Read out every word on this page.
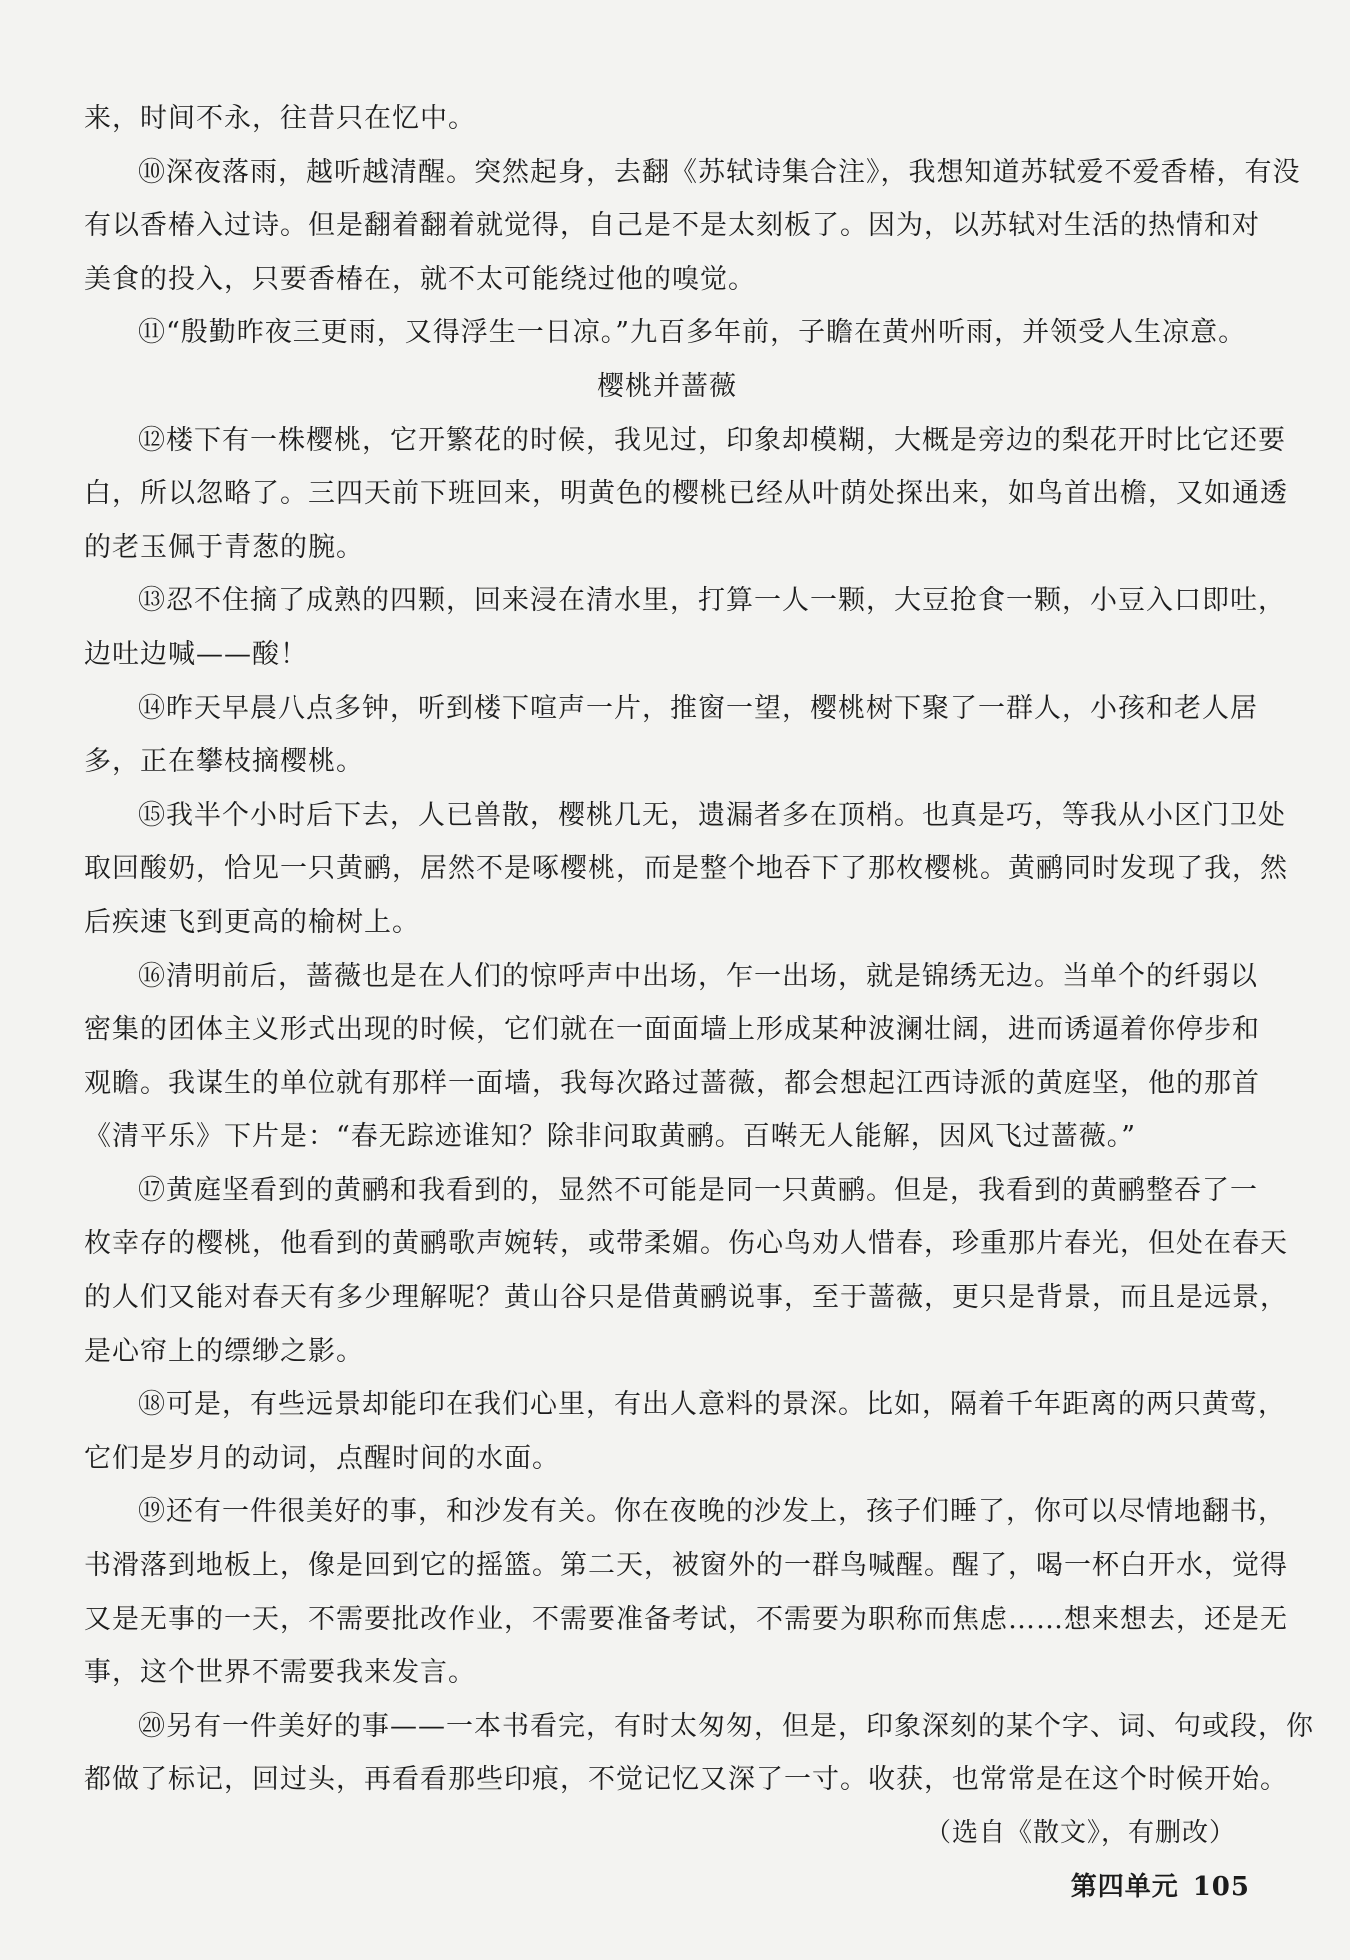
来，时间不永，往昔只在忆中。
⑩深夜落雨，越听越清醒。突然起身，去翻《苏轼诗集合注》，我想知道苏轼爱不爱香椿，有没
有以香椿入过诗。但是翻着翻着就觉得，自己是不是太刻板了。因为，以苏轼对生活的热情和对
美食的投入，只要香椿在，就不太可能绕过他的嗅觉。
⑪“殷勤昨夜三更雨，又得浮生一日凉。”九百多年前，子瞻在黄州听雨，并领受人生凉意。
樱桃并蔷薇
⑫楼下有一株樱桃，它开繁花的时候，我见过，印象却模糊，大概是旁边的梨花开时比它还要
白，所以忽略了。三四天前下班回来，明黄色的樱桃已经从叶荫处探出来，如鸟首出檐，又如通透
的老玉佩于青葱的腕。
⑬忍不住摘了成熟的四颗，回来浸在清水里，打算一人一颗，大豆抢食一颗，小豆入口即吐，
边吐边喊——酸！
⑭昨天早晨八点多钟，听到楼下喧声一片，推窗一望，樱桃树下聚了一群人，小孩和老人居
多，正在攀枝摘樱桃。
⑮我半个小时后下去，人已兽散，樱桃几无，遗漏者多在顶梢。也真是巧，等我从小区门卫处
取回酸奶，恰见一只黄鹂，居然不是啄樱桃，而是整个地吞下了那枚樱桃。黄鹂同时发现了我，然
后疾速飞到更高的榆树上。
⑯清明前后，蔷薇也是在人们的惊呼声中出场，乍一出场，就是锦绣无边。当单个的纤弱以
密集的团体主义形式出现的时候，它们就在一面面墙上形成某种波澜壮阔，进而诱逼着你停步和
观瞻。我谋生的单位就有那样一面墙，我每次路过蔷薇，都会想起江西诗派的黄庭坚，他的那首
《清平乐》下片是：“春无踪迹谁知？除非问取黄鹂。百啭无人能解，因风飞过蔷薇。”
⑰黄庭坚看到的黄鹂和我看到的，显然不可能是同一只黄鹂。但是，我看到的黄鹂整吞了一
枚幸存的樱桃，他看到的黄鹂歌声婉转，或带柔媚。伤心鸟劝人惜春，珍重那片春光，但处在春天
的人们又能对春天有多少理解呢？黄山谷只是借黄鹂说事，至于蔷薇，更只是背景，而且是远景，
是心帘上的缥缈之影。
⑱可是，有些远景却能印在我们心里，有出人意料的景深。比如，隔着千年距离的两只黄莺，
它们是岁月的动词，点醒时间的水面。
⑲还有一件很美好的事，和沙发有关。你在夜晚的沙发上，孩子们睡了，你可以尽情地翻书，
书滑落到地板上，像是回到它的摇篮。第二天，被窗外的一群鸟喊醒。醒了，喝一杯白开水，觉得
又是无事的一天，不需要批改作业，不需要准备考试，不需要为职称而焦虑……想来想去，还是无
事，这个世界不需要我来发言。
⑳另有一件美好的事——一本书看完，有时太匆匆，但是，印象深刻的某个字、词、句或段，你
都做了标记，回过头，再看看那些印痕，不觉记忆又深了一寸。收获，也常常是在这个时候开始。
（选自《散文》，有删改）
第四单元 105
